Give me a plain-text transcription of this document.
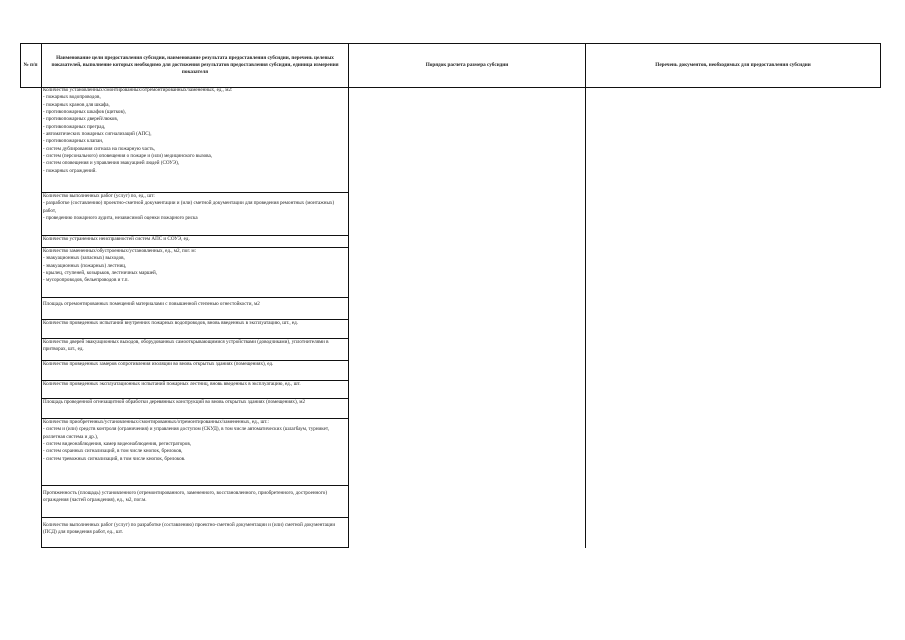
№ п/п
Наименование цели предоставления субсидии, наименование результата предоставления субсидии, перечень целевых показателей, выполнение которых необходимо для достижения результатов предоставления субсидии, единица измерения показателя
Порядок расчета размера субсидии	Перечень документов, необходимых для предоставления субсидии
Количество установленных/смонтированных/отремонтированных/замененных, ед., м2:
- пожарных водопроводов,
- пожарных кранов для шкафа,
- противопожарных шкафов (щитков),
- противопожарных дверей/люков,
- противопожарных преград,
- автоматических пожарных сигнализаций (АПС),
- противопожарных клапан,
- систем дублирования сигнала на пожарную часть,
- систем (персонального) оповещения о пожаре и (или) медицинского вызова,
- систем оповещения и управления эвакуацией людей (СОУЭ),
- пожарных ограждений.
Количество выполненных работ (услуг) по, ед., шт:
- разработке (составлению) проектно-сметной документации и (или) сметной документации для проведения ремонтных (монтажных) работ,
- проведению пожарного аудита, независимой оценки пожарного риска
Количество устраненных неисправностей систем АПС и СОУЭ, ед.
Количество замененных/обустроенных/установленных, ед., м2, пог. м:
- эвакуационных (запасных) выходов,
- эвакуационных (пожарных) лестниц,
- крылец, ступеней, козырьков, лестничных маршей,
- мусоропроводов, бельепроводов и т.п.
Площадь отремонтированных помещений материалами с повышенной степенью огнестойкости, м2
Количество проведенных испытаний внутренних пожарных водопроводов, вновь введенных в эксплуатацию, шт., ед.
Количество дверей эвакуационных выходов, оборудованных самооткрывающимися устройствами (доводчиками), уплотнителями в притворах, шт., ед.
Количество проведенных замеров сопротивления изоляции во вновь открытых зданиях (помещениях), ед.
Количество проведенных эксплуатационных испытаний пожарных лестниц, вновь введенных в эксплуатацию, ед., шт.
Площадь проведенной огнезащитной обработки деревянных конструкций во вновь открытых зданиях (помещениях), м2
Количество приобретенных/установленных/смонтированных/отремонтированных/замененных, ед., шт.:
- систем и (или) средств контроля (ограничения) и управления доступом (СКУД), в том числе автоматических (шлагбаум, турникет, роллетная система и др.),
- систем видеонаблюдения, камер видеонаблюдения, регистраторов,
- систем охранных сигнализаций, в том числе кнопок, брелоков,
- систем тревожных сигнализаций, в том числе кнопок, брелоков.
Протяженность (площадь) установленного (отремонтированного, замененного, восстановленного, приобретенного, достроенного) ограждения (частей ограждения), ед., м2, пог.м.
Количество выполненных работ (услуг) по разработке (составлению) проектно-сметной документации и (или) сметной документации (ПСД) для проведения работ, ед., шт.
